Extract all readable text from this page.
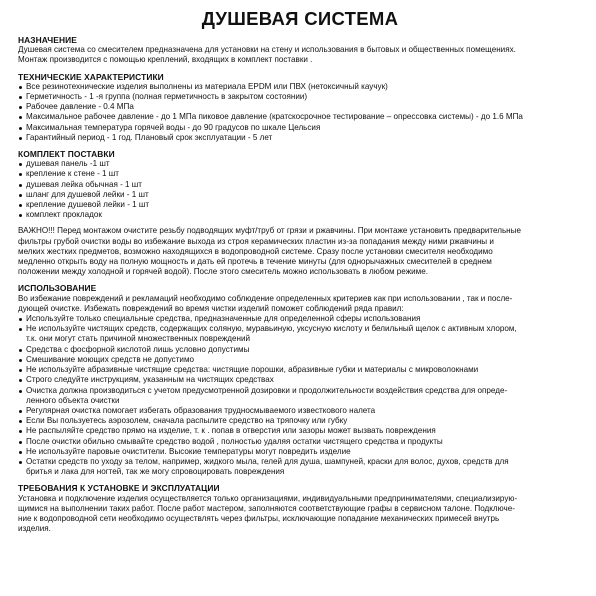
ДУШЕВАЯ СИСТЕМА
НАЗНАЧЕНИЕ
Душевая система со смесителем предназначена для установки на стену и использования в бытовых и общественных помещениях.
Монтаж производится с помощью креплений, входящих в комплект поставки .
ТЕХНИЧЕСКИЕ ХАРАКТЕРИСТИКИ
Все резинотехнические изделия выполнены из материала EPDM или ПВХ (нетоксичный каучук)
Герметичность - 1 -я группа (полная герметичность в закрытом состоянии)
Рабочее давление - 0.4 МПа
Максимальное рабочее давление - до 1 МПа пиковое давление (кратскосрочное тестирование – опрессовка системы) - до 1.6 МПа
Максимальная температура горячей воды - до 90 градусов по шкале Цельсия
Гарантийный период - 1 год. Плановый срок эксплуатации - 5 лет
КОМПЛЕКТ ПОСТАВКИ
душевая панель -1 шт
крепление к стене - 1 шт
душевая лейка обычная - 1 шт
шланг для душевой лейки - 1 шт
крепление душевой лейки - 1 шт
комплект прокладок
ВАЖНО!!! Перед монтажом очистите резьбу подводящих муфт/труб от грязи и ржавчины. При монтаже установить предварительные
фильтры грубой очистки воды во избежание выхода из строя керамических пластин из-за попадания между ними ржавчины и
мелких жестких предметов, возможно находящихся в водопроводной системе. Сразу после установки смесителя необходимо
медленно открыть воду на полную мощность и дать ей протечь в течение минуты (для однорычажных смесителей в среднем
положении между холодной и горячей водой). После этого смеситель можно использовать в любом режиме.
ИСПОЛЬЗОВАНИЕ
Во избежание повреждений и рекламаций необходимо соблюдение определенных критериев как при использовании , так и после-
дующей очистке. Избежать повреждений во время чистки изделий поможет соблюдений ряда правил:
Используйте только специальные средства, предназначенные для определенной сферы использования
Не используйте чистящих средств, содержащих соляную, муравьиную, уксусную кислоту и белильный щелок с активным хлором,
т.к. они могут стать причиной множественных повреждений
Средства с фосфорной кислотой лишь условно допустимы
Смешивание моющих средств не допустимо
Не используйте абразивные чистящие средства: чистящие порошки, абразивные губки и материалы с микроволокнами
Строго следуйте инструкциям, указанным на чистящих средствах
Очистка должна производиться с учетом предусмотренной дозировки и продолжительности воздействия средства для опреде-
ленного объекта очистки
Регулярная очистка помогает избегать образования трудносмываемого известкового налета
Если Вы пользуетесь аэрозолем, сначала распылите средство на тряпочку или губку
Не распыляйте средство прямо на изделие, т. к . попав в отверстия или зазоры может вызвать повреждения
После очистки обильно смывайте средство водой , полностью удаляя остатки чистящего средства и продукты
Не используйте паровые очистители. Высокие температуры могут повредить изделие
Остатки средств по уходу за телом, например, жидкого мыла, гелей для душа, шампуней, краски для волос, духов, средств для
бритья и лака для ногтей, так же могу спровоцировать повреждения
ТРЕБОВАНИЯ К УСТАНОВКЕ И ЭКСПЛУАТАЦИИ
Установка и подключение изделия осуществляется только организациями, индивидуальными предпринимателями, специализирую-
щимися на выполнении таких работ. После работ мастером, заполняются соответствующие графы в сервисном талоне. Подключе-
ние к водопроводной сети необходимо осуществлять через фильтры, исключающие попадание механических примесей внутрь
изделия.
